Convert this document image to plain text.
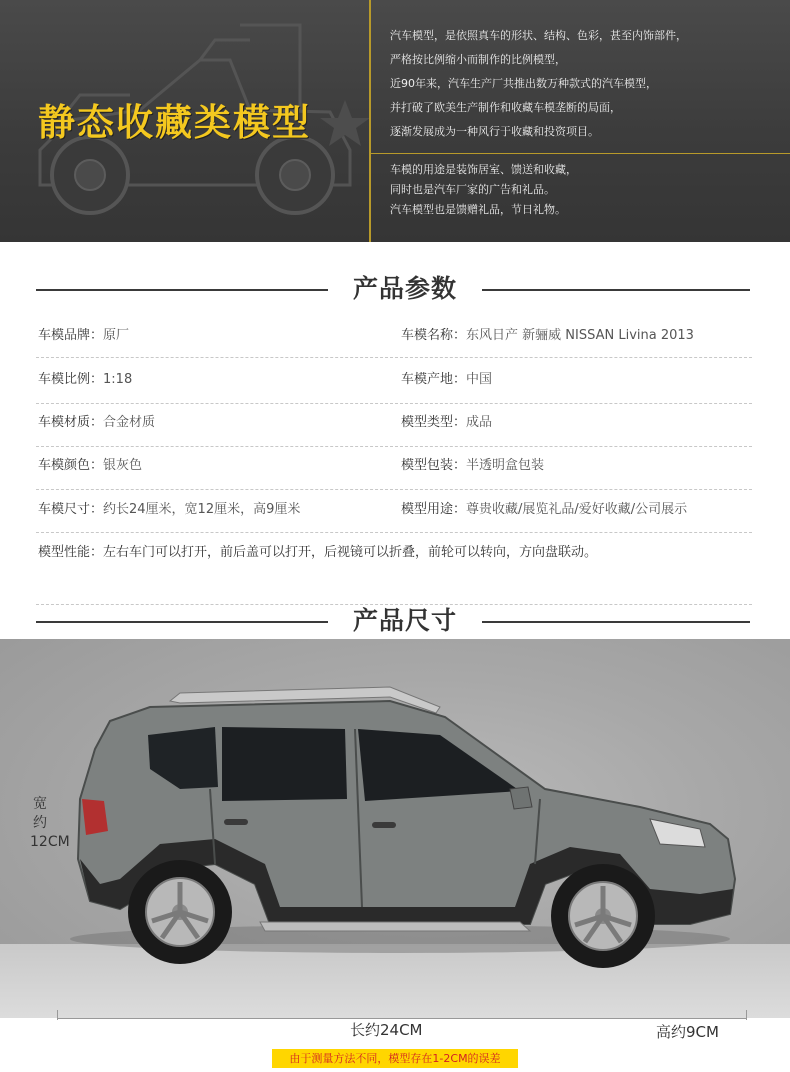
静态收藏类模型
汽车模型，是依照真车的形状、结构、色彩，甚至内饰部件，
严格按比例缩小而制作的比例模型，
近90年来，汽车生产厂共推出数万种款式的汽车模型，
并打破了欧美生产制作和收藏车模垄断的局面，
逐渐发展成为一种风行于收藏和投资项目。
车模的用途是装饰居室、馈送和收藏，
同时也是汽车厂家的广告和礼品。
汽车模型也是馈赠礼品，节日礼物。
产品参数
车模品牌：原厂	车模名称：东风日产 新骊威 NISSAN Livina 2013
车模比例：1:18	车模产地：中国
车模材质：合金材质	模型类型：成品
车模颜色：银灰色	模型包装：半透明盒包装
车模尺寸：约长24厘米，宽12厘米，高9厘米	模型用途：尊贵收藏/展览礼品/爱好收藏/公司展示
模型性能：左右车门可以打开，前后盖可以打开，后视镜可以折叠，前轮可以转向，方向盘联动。
产品尺寸
宽约12CM
长约24CM	高约9CM
由于测量方法不同，模型存在1-2CM的误差
